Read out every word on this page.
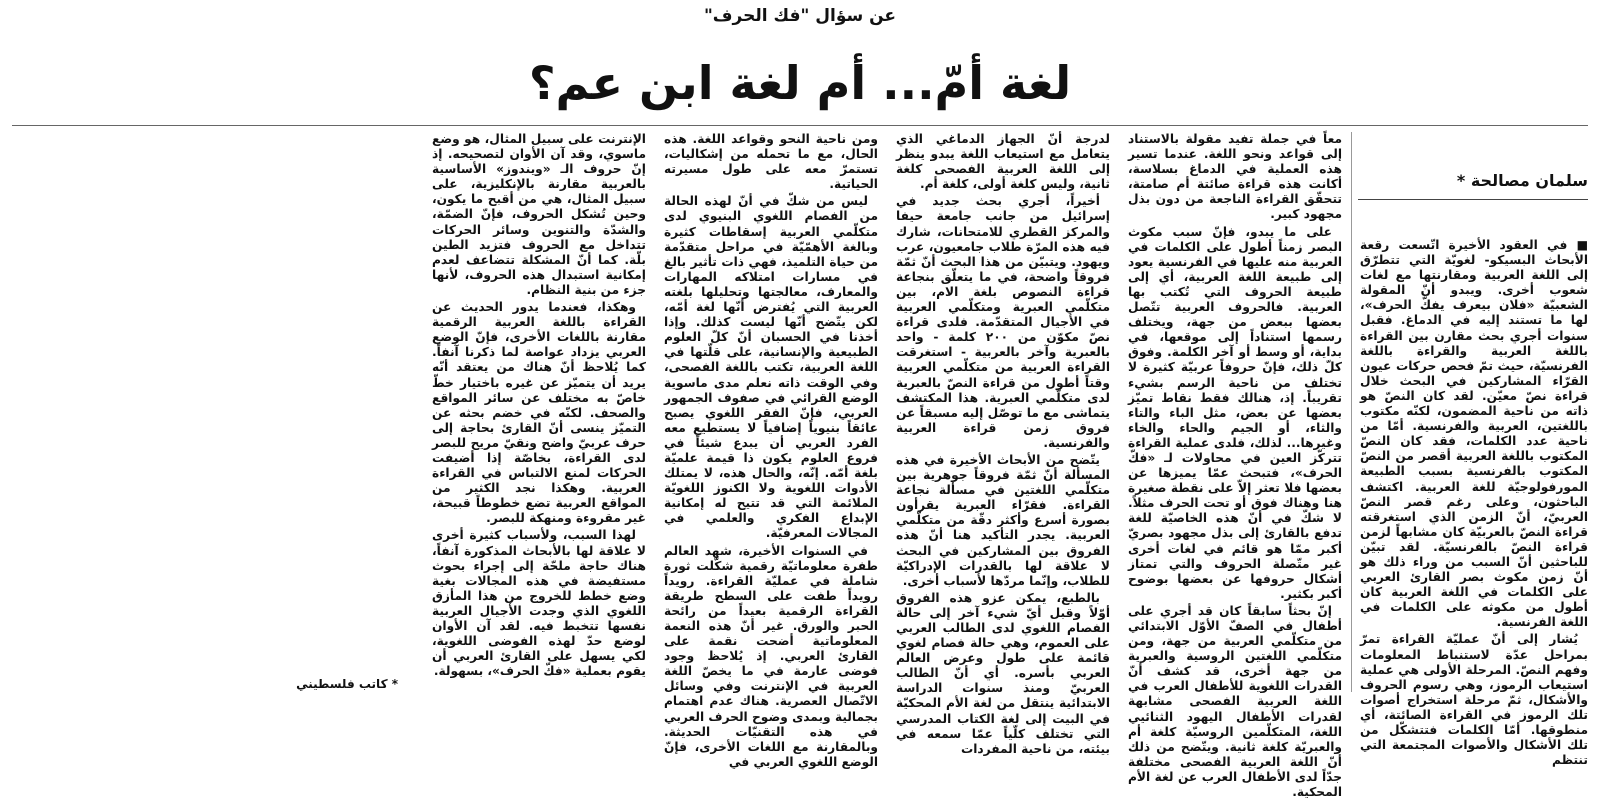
عن سؤال "فك الحرف"
لغة أمّ... أم لغة ابن عم؟
سلمان مصالحة *

■ في العقود الأخيرة اتّسعت رقعة الأبحاث البسيكو- لغويّة التي تتطرّق إلى اللغة العربية ومقارنتها مع لغات شعوب أخرى. ويبدو أنّ المقولة الشعبيّة «فلان بيعرف يفكّ الحرف»، لها ما تستند إليه في الدماغ. فقبل سنوات أجري بحث مقارن بين القراءة باللغة العربية والقراءة باللغة الفرنسيّة، حيث تمّ فحص حركات عيون القرّاء المشاركين في البحث خلال قراءة نصّ معيّن. لقد كان النصّ هو ذاته من ناحية المضمون، لكنّه مكتوب باللغتين، العربية والفرنسية. أمّا من ناحية عدد الكلمات، فقد كان النصّ المكتوب باللغة العربية أقصر من النصّ المكتوب بالفرنسية بسبب الطبيعة المورفولوجيّة للغة العربية. اكتشف الباحثون، وعلى رغم قصر النصّ العربيّ، أنّ الزمن الذي استغرقته قراءة النصّ بالعربيّة كان مشابهاً لزمن قراءة النصّ بالفرنسيّة. لقد تبيّن للباحثين أنّ السبب من وراء ذلك هو أنّ زمن مكوث بصر القارئ العربي على الكلمات في اللغة العربية كان أطول من مكوثه على الكلمات في اللغة الفرنسية.

يُشار إلى أنّ عمليّة القراءة تمرّ بمراحل عدّة لاستنباط المعلومات وفهم النصّ. المرحلة الأولى هي عملية استيعاب الرموز، وهي رسوم الحروف والأشكال، ثمّ مرحلة استخراج أصوات تلك الرموز في القراءة الصائتة، أي منطوقها. أمّا الكلمات فتتشكّل من تلك الأشكال والأصوات المجتمعة التي تنتظم

معاً في جملة تفيد مقولة بالاستناد إلى قواعد ونحو اللغة. عندما تسير هذه العملية في الدماغ بسلاسة، أكانت هذه قراءة صائتة أم صامتة، تتحقّق القراءة الناجعة من دون بذل مجهود كبير.

على ما يبدو، فإنّ سبب مكوث البصر زمناً أطول على الكلمات في العربية منه عليها في الفرنسية يعود إلى طبيعة اللغة العربية، أي إلى طبيعة الحروف التي تُكتب بها العربية. فالحروف العربية تتّصل بعضها ببعض من جهة، ويختلف رسمها استناداً إلى موقعها، في بداية، أو وسط أو آخر الكلمة. وفوق كلّ ذلك، فإنّ حروفاً عربيّة كثيرة لا تختلف من ناحية الرسم بشيء تقريباً. إذ، هنالك فقط نقاط تميّز بعضها عن بعض، مثل الباء والتاء والثاء، أو الجيم والحاء والخاء وغيرها... لذلك، فلدى عملية القراءة تتركّز العين في محاولات لـ «فكّ الحرف»، فتبحث عمّا يميزها عن بعضها فلا تعثر إلاّ على نقطة صغيرة هنا وهناك فوق أو تحت الحرف مثلاً. لا شكّ في أنّ هذه الخاصيّة للغة تدفع بالقارئ إلى بذل مجهود بصريّ أكبر ممّا هو قائم في لغات أخرى غير متّصلة الحروف والتي تمتاز أشكال حروفها عن بعضها بوضوح أكبر بكثير.

إنّ بحثاً سابقاً كان قد أجري على أطفال في الصفّ الأوّل الابتدائي من متكلّمي العربية من جهة، ومن متكلّمي اللغتين الروسية والعبرية من جهة أخرى، قد كشف أنّ القدرات اللغوية للأطفال العرب في اللغة العربية الفصحى مشابهة لقدرات الأطفال اليهود الثنائيي اللغة، المتكلّمين الروسيّة كلغة أم والعبريّة كلغة ثانية. ويتّضح من ذلك أنّ اللغة العربية الفصحى مختلفة جدّاً لدى الأطفال العرب عن لغة الأم المحكية.

لدرجة أنّ الجهاز الدماغي الذي يتعامل مع استيعاب اللغة يبدو ينظر إلى اللغة العربية الفصحى كلغة ثانية، وليس كلغة أولى، كلغة أم.

أخيراً، أجري بحث جديد في إسرائيل من جانب جامعة حيفا والمركز القطري للامتحانات، شارك فيه هذه المرّة طلاب جامعيون، عرب ويهود. ويتبيّن من هذا البحث أنّ ثمّة فروقاً واضحة، في ما يتعلّق بنجاعة قراءة النصوص بلغة الام، بين متكلّمي العبرية ومتكلّمي العربية في الأجيال المتقدّمة. فلدى قراءة نصّ مكوّن من ٢٠٠ كلمة - واحد بالعبرية وآخر بالعربية - استغرقت القراءة العربية من متكلّمي العربية وقتاً أطول من قراءة النصّ بالعبرية لدى متكلّمي العبرية. هذا المكتشف يتماشى مع ما توصّل إليه مسبقاً عن فروق زمن قراءة العربية والفرنسية.

يتّضح من الأبحاث الأخيرة في هذه المسألة أنّ ثمّة فروقاً جوهرية بين متكلّمي اللغتين في مسألة نجاعة القراءة. فقرّاء العبرية يقرأون بصورة أسرع وأكثر دقّة من متكلّمي العربية. يجدر التأكيد هنا أنّ هذه الفروق بين المشاركين في البحث لا علاقة لها بالقدرات الإدراكيّة للطلاب، وإنّما مردّها لأسباب أخرى.

بالطبع، يمكن عزو هذه الفروق أوّلاً وقبل أيّ شيء آخر إلى حالة الفصام اللغوي لدى الطالب العربي على العموم، وهي حالة فصام لغوي قائمة على طول وعرض العالم العربي بأسره. أي أنّ الطالب العربيّ ومنذ سنوات الدراسة الابتدائية ينتقل من لغة الأم المحكيّة في البيت إلى لغة الكتاب المدرسي التي تختلف كلّياً عمّا سمعه في بيئته، من ناحية المفردات

ومن ناحية النحو وقواعد اللغة. هذه الحال، مع ما تحمله من إشكاليات، تستمرّ معه على طول مسيرته الحياتية.

ليس من شكّ في أنّ لهذه الحالة من الفصام اللغوي البنيوي لدى متكلّمي العربية إسقاطات كثيرة وبالغة الأهمّيّة في مراحل متقدّمة من حياة التلميذ، فهي ذات تأثير بالغ في مسارات امتلاكه المهارات والمعارف، معالجتها وتحليلها بلغته العربية التي يُفترض أنّها لغة أمّه، لكن يتّضح أنّها ليست كذلك. وإذا أخذنا في الحسبان أنّ كلّ العلوم الطبيعية والإنسانية، على قلّتها في اللغة العربية، تكتب باللغة الفصحى، وفي الوقت ذاته نعلم مدى ماسوية الوضع القرائي في صفوف الجمهور العربي، فإنّ الفقر اللغوي يصبح عائقاً بنيوياً إضافياً لا يستطيع معه الفرد العربي أن يبدع شيئاً في فروع العلوم يكون ذا قيمة علميّة بلغة أمّه. إنّه، والحال هذه، لا يمتلك الأدوات اللغوية ولا الكنوز اللغويّة الملائمة التي قد تتيح له إمكانية الإبداع الفكري والعلمي في المجالات المعرفيّة.

في السنوات الأخيرة، شهد العالم طفرة معلوماتيّة رقمية شكّلت ثورة شاملة في عمليّة القراءة. رويداً رويداً طفت على السطح طريقة القراءة الرقمية بعيداً من رائحة الحبر والورق. غير أنّ هذه النعمة المعلوماتية أضحت نقمة على القارئ العربي. إذ يُلاحظ وجود فوضى عارمة في ما يخصّ اللغة العربية في الإنترنت وفي وسائل الاتّصال العصرية. هناك عدم اهتمام بجمالية وبمدى وضوح الحرف العربي في هذه التقنيّات الحديثة. وبالمقارنة مع اللغات الأخرى، فإنّ الوضع اللغوي العربي في

الإنترنت على سبيل المثال، هو وضع ماسوي، وقد آن الأوان لتصحيحه. إذ إنّ حروف الـ «ويندوز» الأساسية بالعربية مقارنة بالإنكليزية، على سبيل المثال، هي من أقبح ما يكون، وحين تُشكل الحروف، فإنّ الضمّة، والشدّة والتنوين وسائر الحركات تتداخل مع الحروف فتزيد الطين بلّة. كما أنّ المشكلة تتضاعف لعدم إمكانية استبدال هذه الحروف، لأنها جزء من بنية النظام.

وهكذا، فعندما يدور الحديث عن القراءة باللغة العربية الرقمية مقارنة باللغات الأخرى، فإنّ الوضع العربي يزداد عواصة لما ذكرنا آنفاً. كما يُلاحظ أنّ هناك من يعتقد أنّه يريد أن يتميّز عن غيره باختيار خطّ خاصّ به مختلف عن سائر المواقع والصحف. لكنّه في خضم بحثه عن التميّز ينسى أنّ القارئ بحاجة إلى حرف عربيّ واضح ونقيّ مريح للبصر لدى القراءة، بخاصّة إذا أضيفت الحركات لمنع الالتباس في القراءة العربية. وهكذا نجد الكثير من المواقع العربية تضع خطوطاً قبيحة، غير مقروءة ومنهكة للبصر.

لهذا السبب، ولأسباب كثيرة أخرى لا علاقة لها بالأبحاث المذكورة آنفاً، هناك حاجة ملحّة إلى إجراء بحوث مستفيضة في هذه المجالات بغية وضع خطط للخروج من هذا المأزق اللغوي الذي وجدت الأجيال العربية نفسها تتخبط فيه. لقد آن الأوان لوضع حدّ لهذه الفوضى اللغوية، لكي يسهل على القارئ العربي أن يقوم بعملية «فكّ الحرف»، بسهولة.

* كاتب فلسطيني
